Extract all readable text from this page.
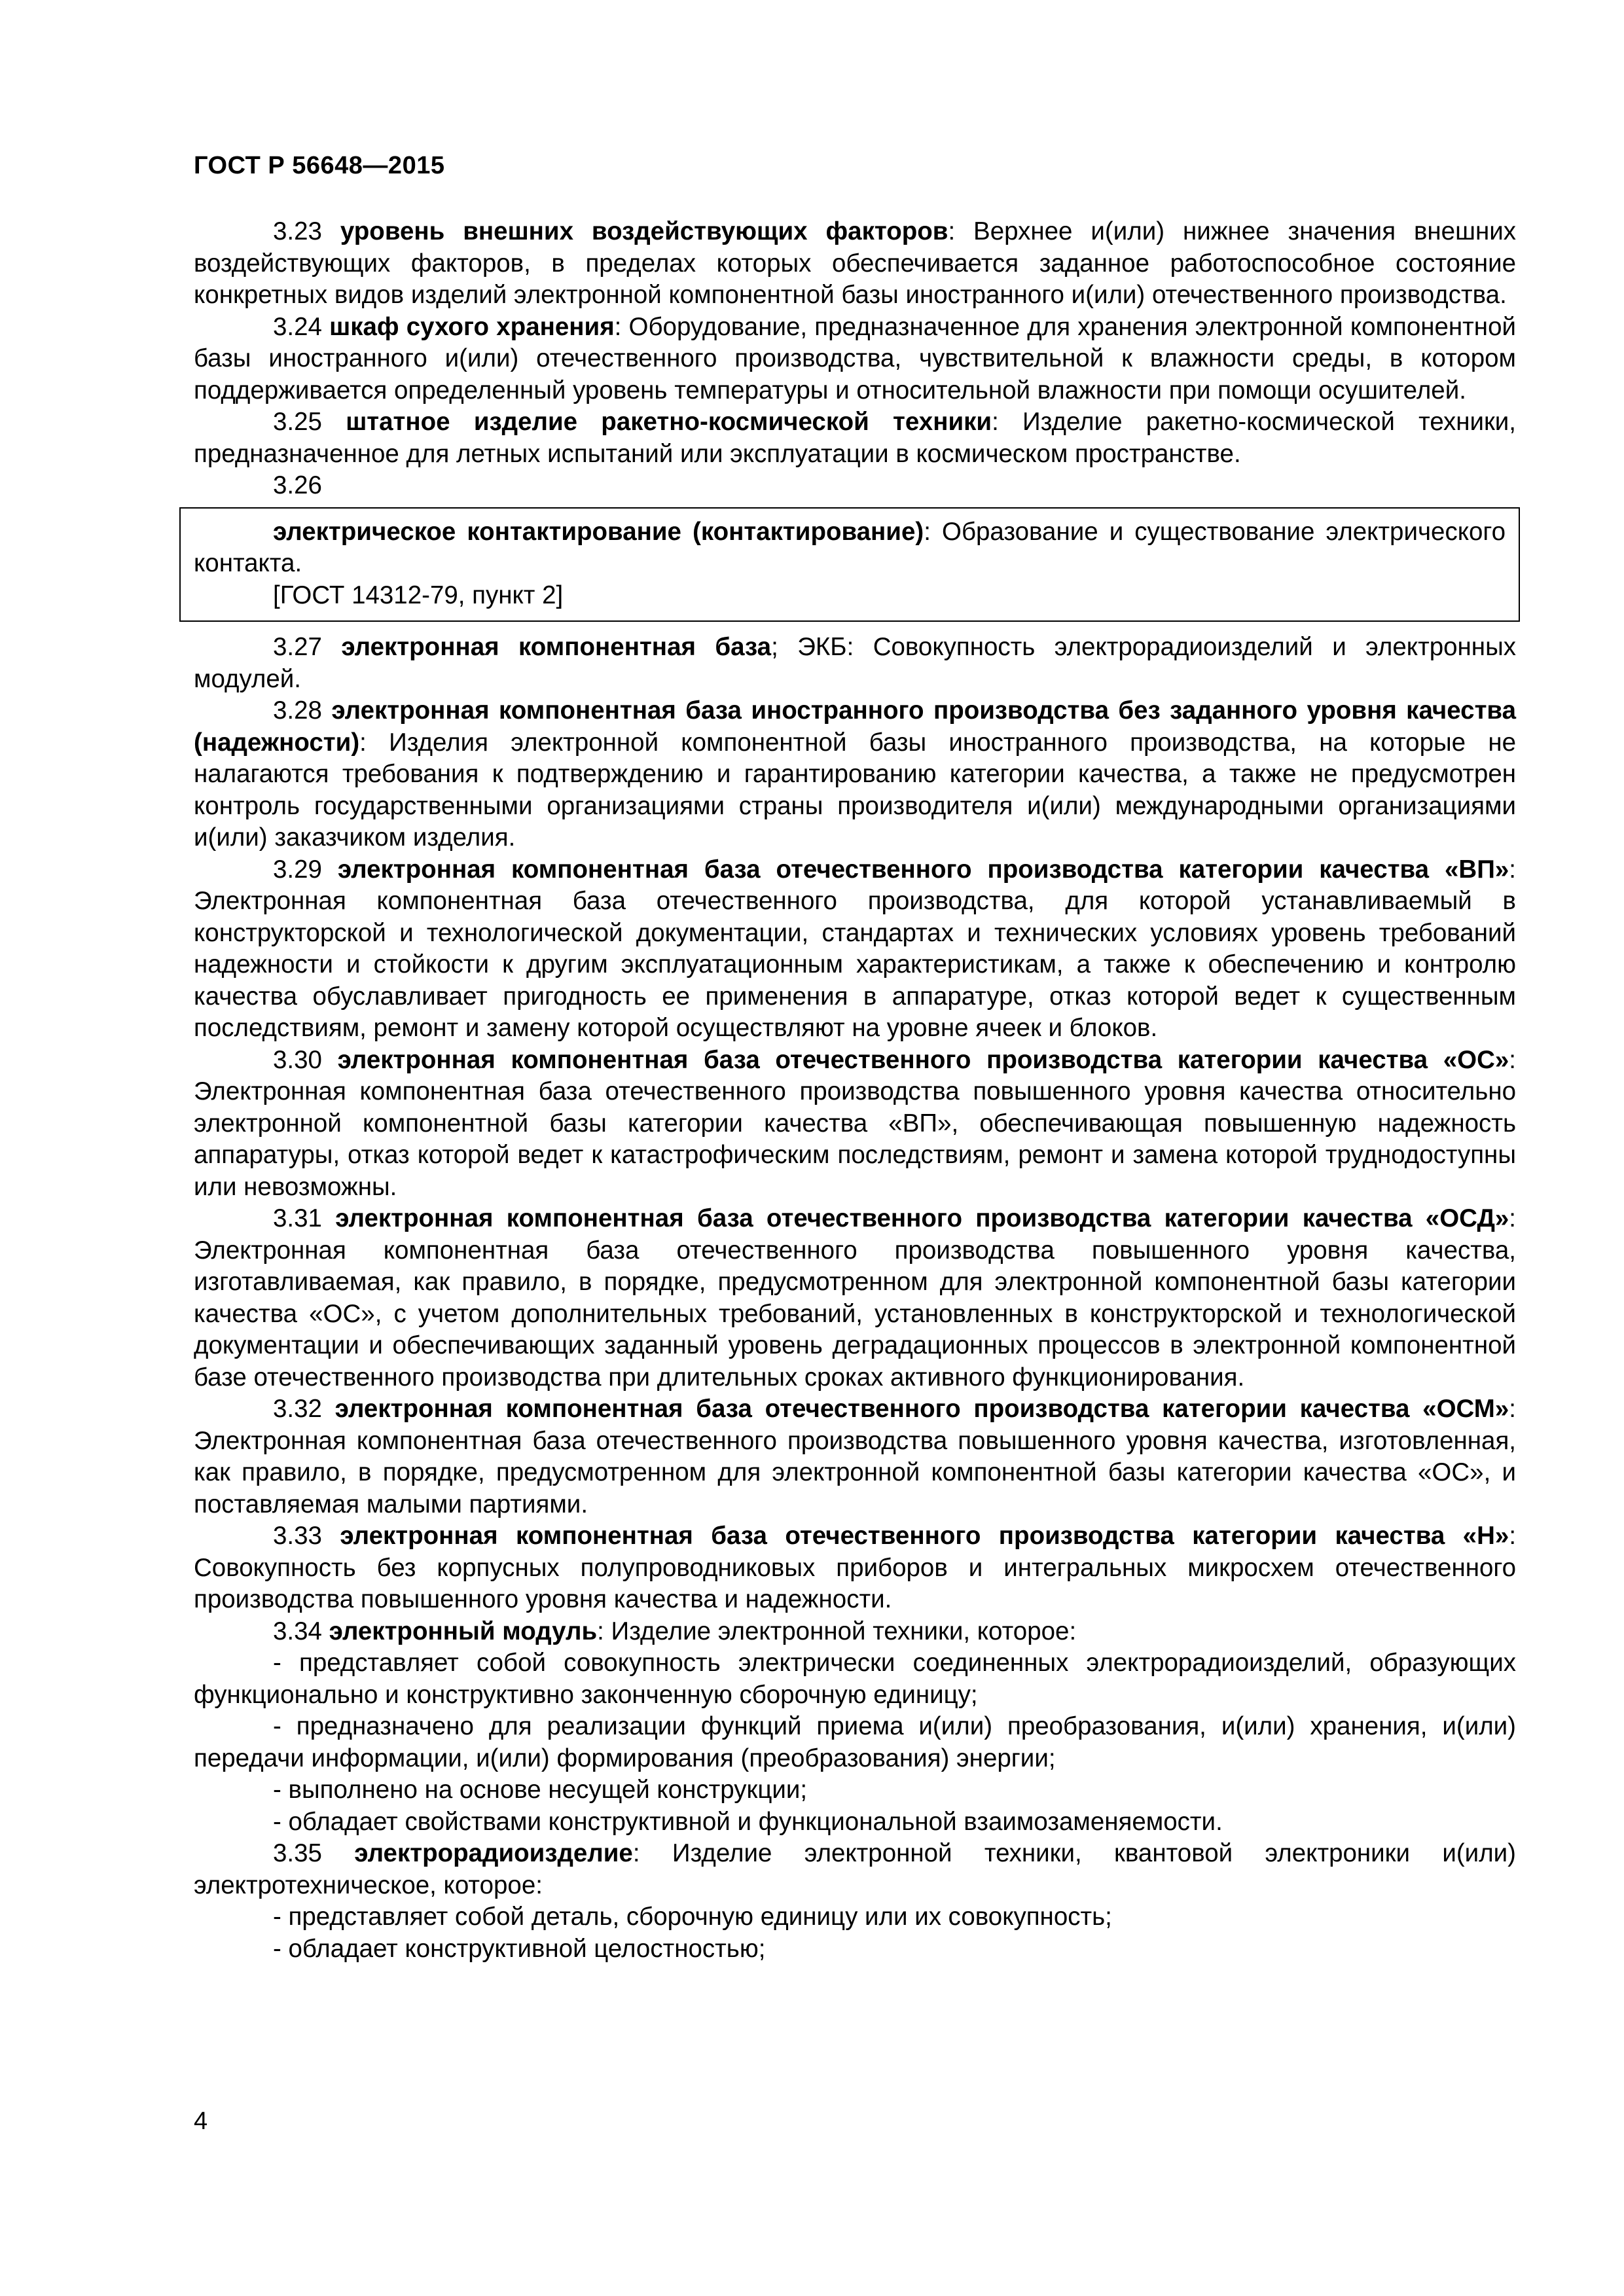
ГОСТ Р 56648—2015

3.23 уровень внешних воздействующих факторов: Верхнее и(или) нижнее значения внешних воздействующих факторов, в пределах которых обеспечивается заданное работоспособное состояние конкретных видов изделий электронной компонентной базы иностранного и(или) отечественного производства.

3.24 шкаф сухого хранения: Оборудование, предназначенное для хранения электронной компонентной базы иностранного и(или) отечественного производства, чувствительной к влажности среды, в котором поддерживается определенный уровень температуры и относительной влажности при помощи осушителей.

3.25 штатное изделие ракетно-космической техники: Изделие ракетно-космической техники, предназначенное для летных испытаний или эксплуатации в космическом пространстве.

3.26

электрическое контактирование (контактирование): Образование и существование электрического контакта.

[ГОСТ 14312-79, пункт 2]

3.27 электронная компонентная база; ЭКБ: Совокупность электрорадиоизделий и электронных модулей.

3.28 электронная компонентная база иностранного производства без заданного уровня качества (надежности): Изделия электронной компонентной базы иностранного производства, на которые не налагаются требования к подтверждению и гарантированию категории качества, а также не предусмотрен контроль государственными организациями страны производителя и(или) международными организациями и(или) заказчиком изделия.

3.29 электронная компонентная база отечественного производства категории качества «ВП»: Электронная компонентная база отечественного производства, для которой устанавливаемый в конструкторской и технологической документации, стандартах и технических условиях уровень требований надежности и стойкости к другим эксплуатационным характеристикам, а также к обеспечению и контролю качества обуславливает пригодность ее применения в аппаратуре, отказ которой ведет к существенным последствиям, ремонт и замену которой осуществляют на уровне ячеек и блоков.

3.30 электронная компонентная база отечественного производства категории качества «ОС»: Электронная компонентная база отечественного производства повышенного уровня качества относительно электронной компонентной базы категории качества «ВП», обеспечивающая повышенную надежность аппаратуры, отказ которой ведет к катастрофическим последствиям, ремонт и замена которой труднодоступны или невозможны.

3.31 электронная компонентная база отечественного производства категории качества «ОСД»: Электронная компонентная база отечественного производства повышенного уровня качества, изготавливаемая, как правило, в порядке, предусмотренном для электронной компонентной базы категории качества «ОС», с учетом дополнительных требований, установленных в конструкторской и технологической документации и обеспечивающих заданный уровень деградационных процессов в электронной компонентной базе отечественного производства при длительных сроках активного функционирования.

3.32 электронная компонентная база отечественного производства категории качества «ОСМ»: Электронная компонентная база отечественного производства повышенного уровня качества, изготовленная, как правило, в порядке, предусмотренном для электронной компонентной базы категории качества «ОС», и поставляемая малыми партиями.

3.33 электронная компонентная база отечественного производства категории качества «Н»: Совокупность без корпусных полупроводниковых приборов и интегральных микросхем отечественного производства повышенного уровня качества и надежности.

3.34 электронный модуль: Изделие электронной техники, которое:

- представляет собой совокупность электрически соединенных электрорадиоизделий, образующих функционально и конструктивно законченную сборочную единицу;

- предназначено для реализации функций приема и(или) преобразования, и(или) хранения, и(или) передачи информации, и(или) формирования (преобразования) энергии;

- выполнено на основе несущей конструкции;

- обладает свойствами конструктивной и функциональной взаимозаменяемости.

3.35 электрорадиоизделие: Изделие электронной техники, квантовой электроники и(или) электротехническое, которое:

- представляет собой деталь, сборочную единицу или их совокупность;

- обладает конструктивной целостностью;

4
